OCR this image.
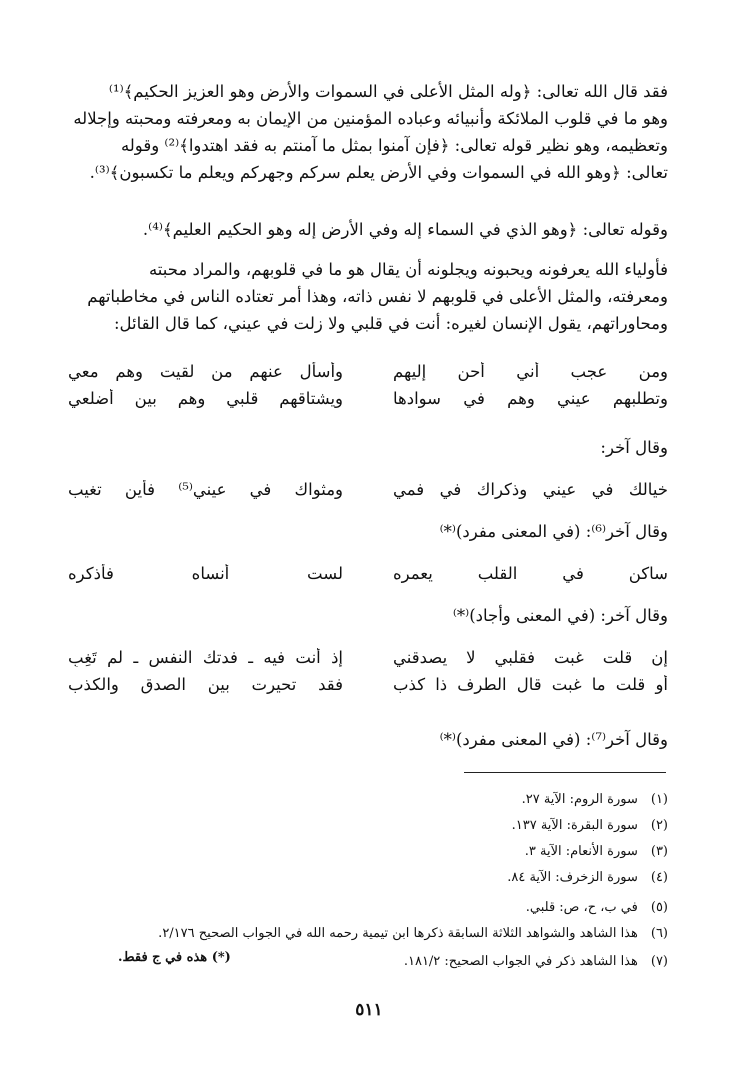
فقد قال الله تعالى: ﴿وله المثل الأعلى في السموات والأرض وهو العزيز الحكيم﴾⁽¹⁾
وهو ما في قلوب الملائكة وأنبيائه وعباده المؤمنين من الإيمان به ومعرفته ومحبته وإجلاله
وتعظيمه، وهو نظير قوله تعالى: ﴿فإن آمنوا بمثل ما آمنتم به فقد اهتدوا﴾⁽²⁾ وقوله
تعالى: ﴿وهو الله في السموات وفي الأرض يعلم سركم وجهركم ويعلم ما تكسبون﴾⁽³⁾.

وقوله تعالى: ﴿وهو الذي في السماء إله وفي الأرض إله وهو الحكيم العليم﴾⁽⁴⁾.

فأولياء الله يعرفونه ويحبونه ويجلونه أن يقال هو ما في قلوبهم، والمراد محبته
ومعرفته، والمثل الأعلى في قلوبهم لا نفس ذاته، وهذا أمر تعتاده الناس في مخاطباتهم
ومحاوراتهم، يقول الإنسان لغيره: أنت في قلبي ولا زلت في عيني، كما قال القائل:

ومن عجب أني أحن إليهم
وأسأل عنهم من لقيت وهم معي
وتطلبهم عيني وهم في سوادها
ويشتاقهم قلبي وهم بين أضلعي
وقال آخر:
خيالك في عيني وذكراك في فمي
ومثواك في عيني⁽⁵⁾ فأين تغيب
وقال آخر⁽⁶⁾: (في المعنى مفرد)⁽*⁾
ساكن في القلب يعمره
لست أنساه فأذكره
وقال آخر: (في المعنى وأجاد)⁽*⁾
إن قلت غبت فقلبي لا يصدقني
إذ أنت فيه ـ فدتك النفس ـ لم تَغِبِ
أو قلت ما غبت قال الطرف ذا كذب
فقد تحيرت بين الصدق والكذب
وقال آخر⁽⁷⁾: (في المعنى مفرد)⁽*⁾
(١) سورة الروم: الآية ٢٧.
(٢) سورة البقرة: الآية ١٣٧.
(٣) سورة الأنعام: الآية ٣.
(٤) سورة الزخرف: الآية ٨٤.
(٥) في ب، ح، ص: قلبي.
(٦) هذا الشاهد والشواهد الثلاثة السابقة ذكرها ابن تيمية رحمه الله في الجواب الصحيح ٢/١٧٦.
(٧) هذا الشاهد ذكر في الجواب الصحيح: ١٨١/٢.
(*) هذه في ج فقط.
٥١١
